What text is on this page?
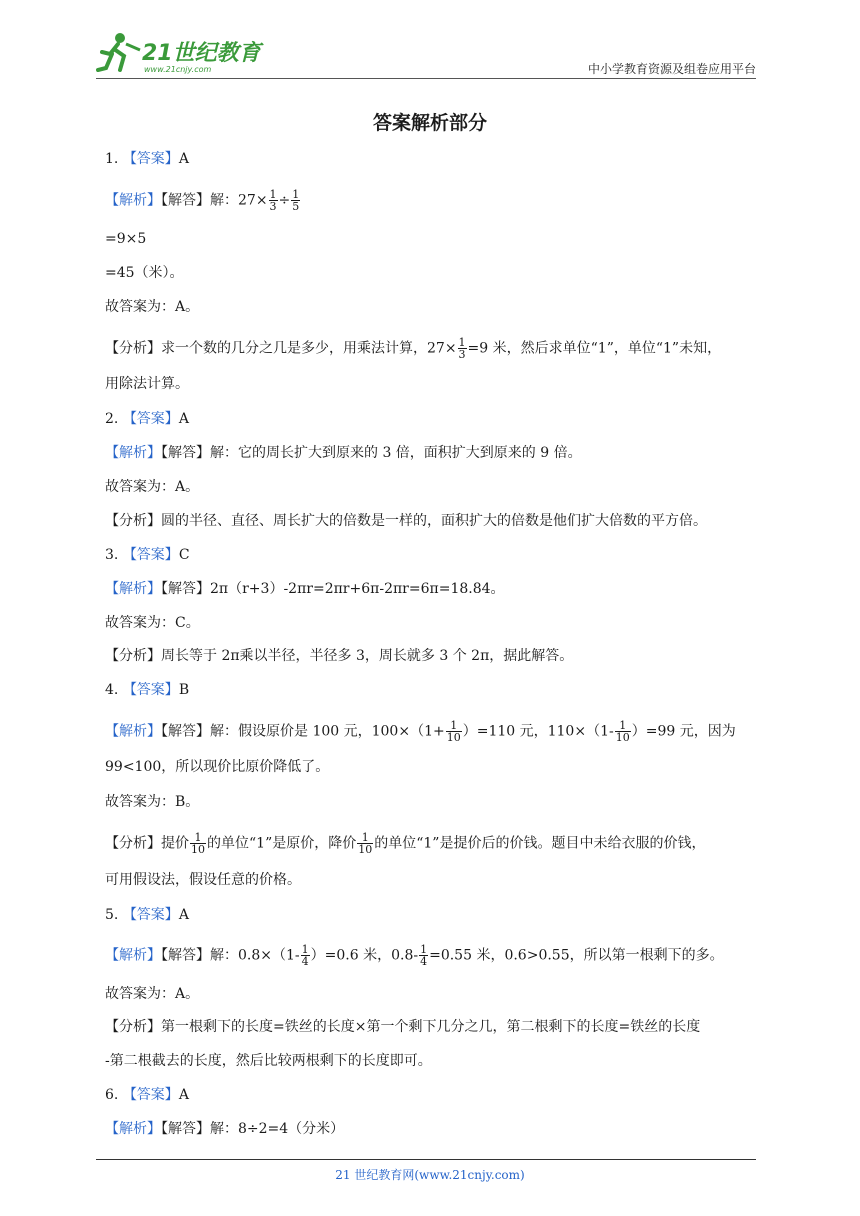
21世纪教育
www.21cnjy.com	中小学教育资源及组卷应用平台
答案解析部分
1. 【答案】A
【解析】【解答】解：$27\times \frac{1}{3} \div \frac{1}{5}$
=9×5
=45（米）。
故答案为：A。
【分析】求一个数的几分之几是多少，用乘法计算，$27\times \frac{1}{3} =9$ 米，然后求单位“1”，单位“1”未知，
用除法计算。
2. 【答案】A
【解析】【解答】解：它的周长扩大到原来的 3 倍，面积扩大到原来的 9 倍。
故答案为：A。
【分析】圆的半径、直径、周长扩大的倍数是一样的，面积扩大的倍数是他们扩大倍数的平方倍。
3. 【答案】C
【解析】【解答】2π（r+3）-2πr=2πr+6π-2πr=6π=18.84。
故答案为：C。
【分析】周长等于 2π乘以半径，半径多 3，周长就多 3 个 2π，据此解答。
4. 【答案】B
【解析】【解答】解：假设原价是 100 元，$100\times(1+ \frac{1}{10} )=110$ 元，$110\times(1- \frac{1}{10} )=99$ 元，因为
99<100，所以现价比原价降低了。
故答案为：B。
【分析】提价 $\frac{1}{10}$ 的单位“1”是原价，降价 $\frac{1}{10}$ 的单位“1”是提价后的价钱。题目中未给衣服的价钱，
可用假设法，假设任意的价格。
5. 【答案】A
【解析】【解答】解：$0.8\times(1- \frac{1}{4} )=0.6$ 米，$0.8- \frac{1}{4} =0.55$ 米，0.6>0.55，所以第一根剩下的多。
故答案为：A。
【分析】第一根剩下的长度=铁丝的长度×第一个剩下几分之几，第二根剩下的长度=铁丝的长度
-第二根截去的长度，然后比较两根剩下的长度即可。
6. 【答案】A
【解析】【解答】解：8÷2=4（分米）
21 世纪教育网(www.21cnjy.com)
